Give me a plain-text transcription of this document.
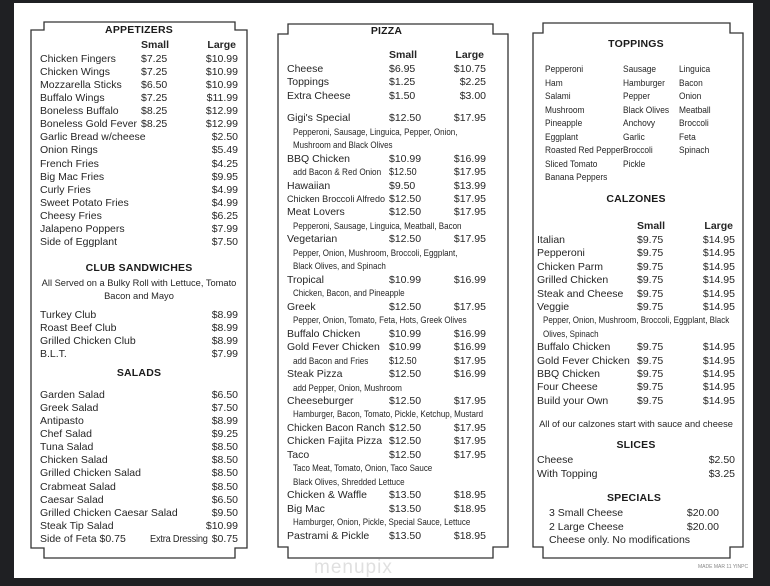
APPETIZERS
Small	Large
Chicken Fingers $7.25	$10.99
Chicken Wings	$7.25	$10.99
Mozzarella Sticks $6.50	$10.99
Buffalo Wings	$7.25	$11.99
Boneless Buffalo $8.25	$12.99
Boneless Gold Fever $8.25	$12.99
Garlic Bread w/cheese	$2.50
Onion Rings	$5.49
French Fries	$4.25
Big Mac Fries	$9.95
Curly Fries	$4.99
Sweet Potato Fries	$4.99
Cheesy Fries	$6.25
Jalapeno Poppers	$7.99
Side of Eggplant	$7.50
CLUB SANDWICHES
All Served on a Bulky Roll with Lettuce, Tomato
Bacon and Mayo
Turkey Club	$8.99
Roast Beef Club	$8.99
Grilled Chicken Club	$8.99
B.L.T.	$7.99
SALADS
Garden Salad	$6.50
Greek Salad	$7.50
Antipasto	$8.99
Chef Salad	$9.25
Tuna Salad	$8.50
Chicken Salad	$8.50
Grilled Chicken Salad	$8.50
Crabmeat Salad	$8.50
Caesar Salad	$6.50
Grilled Chicken Caesar Salad	$9.50
Steak Tip Salad	$10.99
Side of Feta $0.75 Extra Dressing $0.75
PIZZA
Small	Large
Cheese	$6.95	$10.75
Toppings	$1.25	$2.25
Extra Cheese	$1.50	$3.00
Gigi's Special	$12.50	$17.95
Pepperoni, Sausage, Linguica, Pepper, Onion,
Mushroom and Black Olives
BBQ Chicken	$10.99	$16.99
add Bacon & Red Onion $12.50	$17.95
Hawaiian	$9.50	$13.99
Chicken Broccoli Alfredo $12.50	$17.95
Meat Lovers	$12.50	$17.95
Pepperoni, Sausage, Linguica, Meatball, Bacon
Vegetarian	$12.50	$17.95
Pepper, Onion, Mushroom, Broccoli, Eggplant,
Black Olives, and Spinach
Tropical	$10.99	$16.99
Chicken, Bacon, and Pineapple
Greek	$12.50	$17.95
Pepper, Onion, Tomato, Feta, Hots, Greek Olives
Buffalo Chicken	$10.99	$16.99
Gold Fever Chicken $10.99	$16.99
add Bacon and Fries $12.50	$17.95
Steak Pizza	$12.50	$16.99
add Pepper, Onion, Mushroom
Cheeseburger	$12.50	$17.95
Hamburger, Bacon, Tomato, Pickle, Ketchup, Mustard
Chicken Bacon Ranch $12.50	$17.95
Chicken Fajita Pizza $12.50	$17.95
Taco	$12.50	$17.95
Taco Meat, Tomato, Onion, Taco Sauce
Black Olives, Shredded Lettuce
Chicken & Waffle $13.50	$18.95
Big Mac	$13.50	$18.95
Hamburger, Onion, Pickle, Special Sauce, Lettuce
Pastrami & Pickle $13.50	$18.95
TOPPINGS
Pepperoni
Ham
Salami
Mushroom
Pineapple
Eggplant
Roasted Red Pepper
Sliced Tomato
Banana Peppers
Sausage
Hamburger
Pepper
Black Olives
Anchovy
Garlic
Broccoli
Pickle
Linguica
Bacon
Onion
Meatball
Broccoli
Feta
Spinach
CALZONES
Small	Large
Italian	$9.75	$14.95
Pepperoni	$9.75	$14.95
Chicken Parm	$9.75	$14.95
Grilled Chicken	$9.75	$14.95
Steak and Cheese $9.75	$14.95
Veggie	$9.75	$14.95
Pepper, Onion, Mushroom, Broccoli, Eggplant, Black
Olives, Spinach
Buffalo Chicken	$9.75	$14.95
Gold Fever Chicken $9.75	$14.95
BBQ Chicken	$9.75	$14.95
Four Cheese	$9.75	$14.95
Build your Own	$9.75	$14.95
All of our calzones start with sauce and cheese
SLICES
Cheese	$2.50
With Topping	$3.25
SPECIALS
3 Small Cheese	$20.00
2 Large Cheese	$20.00
Cheese only. No modifications
menupix	MADE MAR 11 YINPC
